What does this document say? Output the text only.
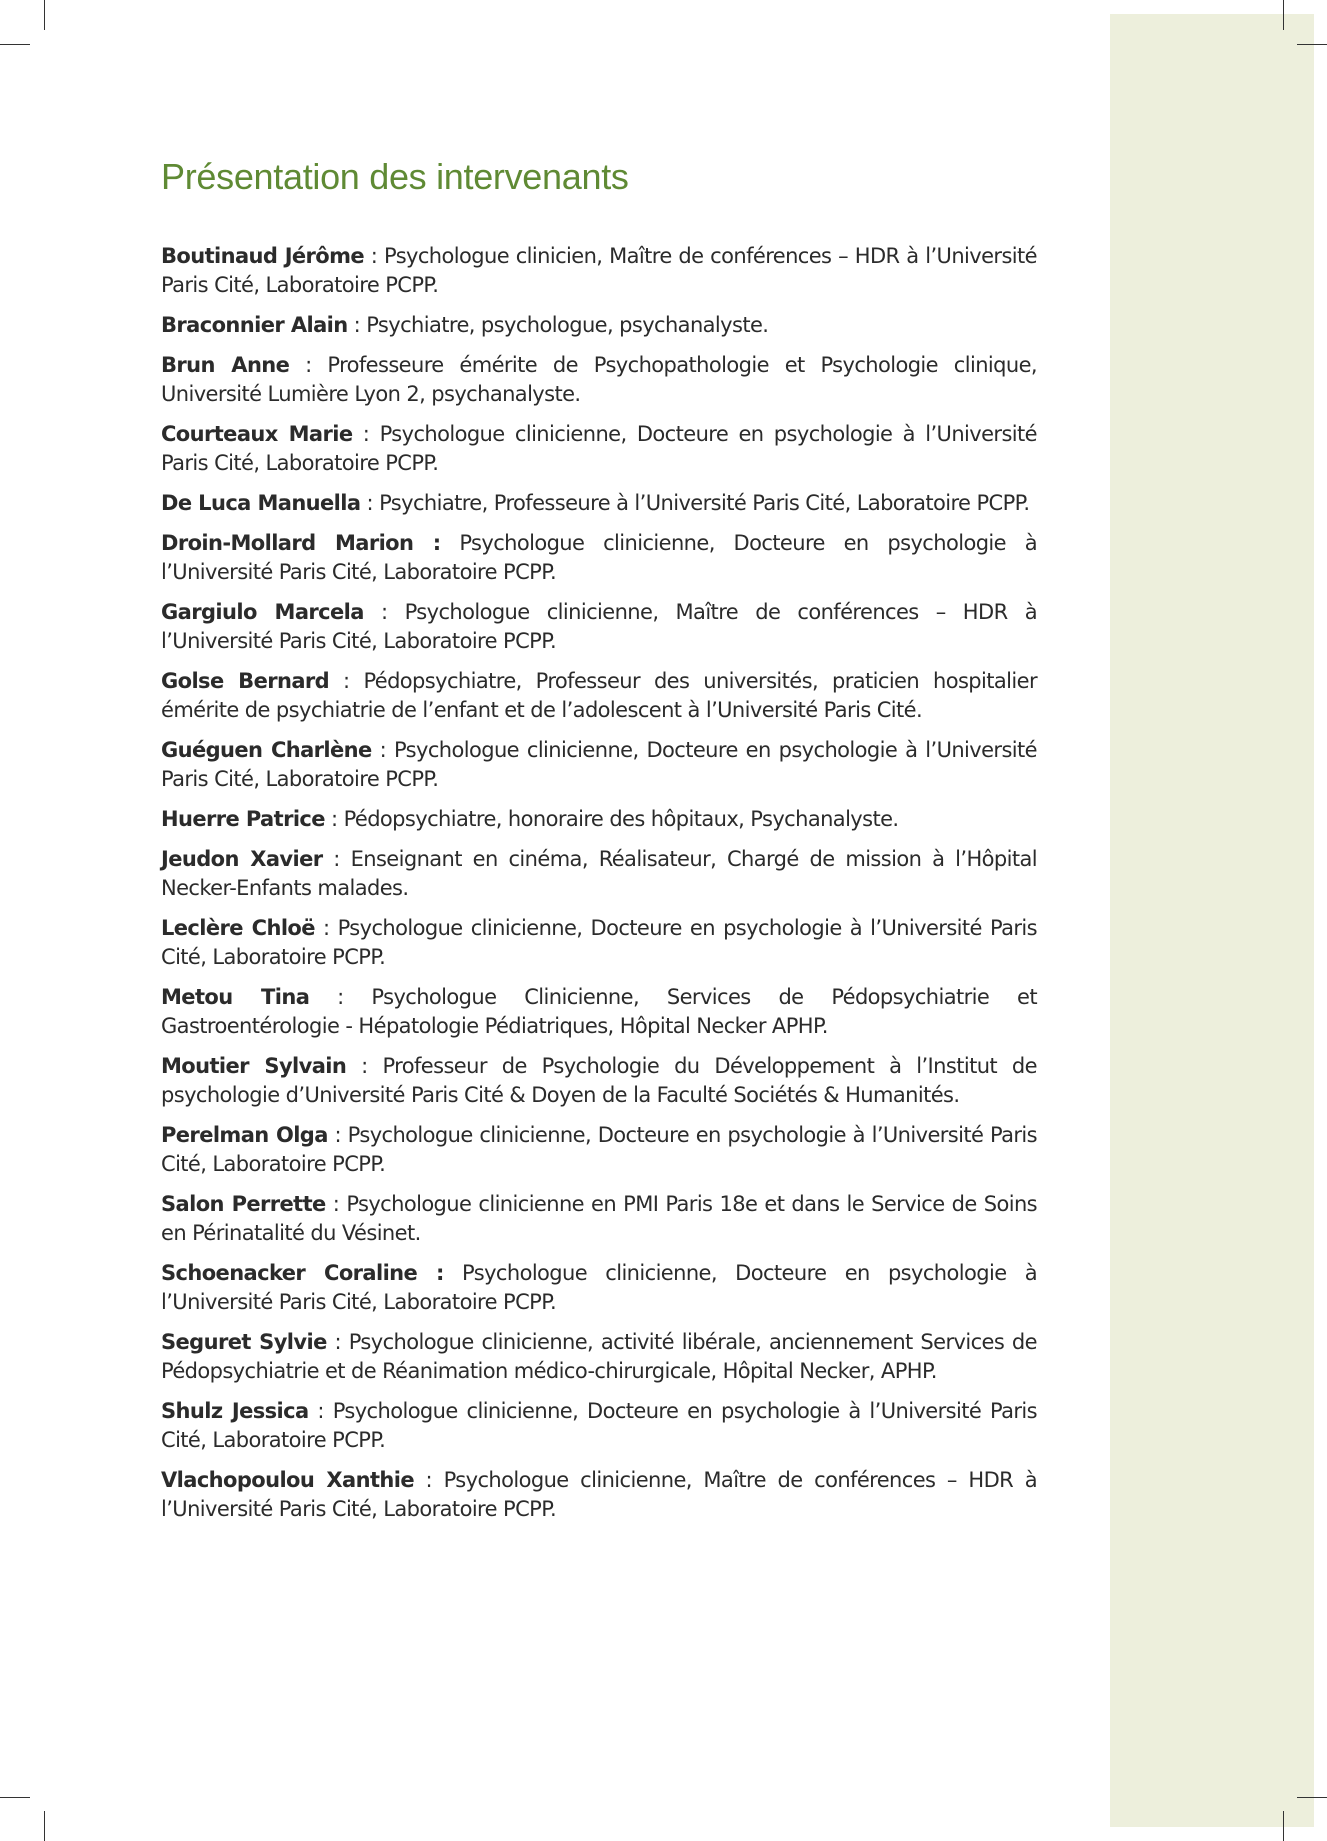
Présentation des intervenants

Boutinaud Jérôme : Psychologue clinicien, Maître de conférences – HDR à l’Université Paris Cité, Laboratoire PCPP.

Braconnier Alain : Psychiatre, psychologue, psychanalyste.

Brun Anne : Professeure émérite de Psychopathologie et Psychologie clinique, Université Lumière Lyon 2, psychanalyste.

Courteaux Marie : Psychologue clinicienne, Docteure en psychologie à l’Université Paris Cité, Laboratoire PCPP.

De Luca Manuella : Psychiatre, Professeure à l’Université Paris Cité, Laboratoire PCPP.

Droin-Mollard Marion : Psychologue clinicienne, Docteure en psychologie à l’Université Paris Cité, Laboratoire PCPP.

Gargiulo Marcela : Psychologue clinicienne, Maître de conférences – HDR à l’Université Paris Cité, Laboratoire PCPP.

Golse Bernard : Pédopsychiatre, Professeur des universités, praticien hospitalier émérite de psychiatrie de l’enfant et de l’adolescent à l’Université Paris Cité.

Guéguen Charlène : Psychologue clinicienne, Docteure en psychologie à l’Université Paris Cité, Laboratoire PCPP.

Huerre Patrice : Pédopsychiatre, honoraire des hôpitaux, Psychanalyste.

Jeudon Xavier : Enseignant en cinéma, Réalisateur, Chargé de mission à l’Hôpital Necker-Enfants malades.

Leclère Chloë : Psychologue clinicienne, Docteure en psychologie à l’Université Paris Cité, Laboratoire PCPP.

Metou Tina : Psychologue Clinicienne, Services de Pédopsychiatrie et Gastroentérologie - Hépatologie Pédiatriques, Hôpital Necker APHP.

Moutier Sylvain : Professeur de Psychologie du Développement à l’Institut de psychologie d’Université Paris Cité & Doyen de la Faculté Sociétés & Humanités.

Perelman Olga : Psychologue clinicienne, Docteure en psychologie à l’Université Paris Cité, Laboratoire PCPP.

Salon Perrette : Psychologue clinicienne en PMI Paris 18e et dans le Service de Soins en Périnatalité du Vésinet.

Schoenacker Coraline : Psychologue clinicienne, Docteure en psychologie à l’Université Paris Cité, Laboratoire PCPP.

Seguret Sylvie : Psychologue clinicienne, activité libérale, anciennement Services de Pédopsychiatrie et de Réanimation médico-chirurgicale, Hôpital Necker, APHP.

Shulz Jessica : Psychologue clinicienne, Docteure en psychologie à l’Université Paris Cité, Laboratoire PCPP.

Vlachopoulou Xanthie : Psychologue clinicienne, Maître de conférences – HDR à l’Université Paris Cité, Laboratoire PCPP.
